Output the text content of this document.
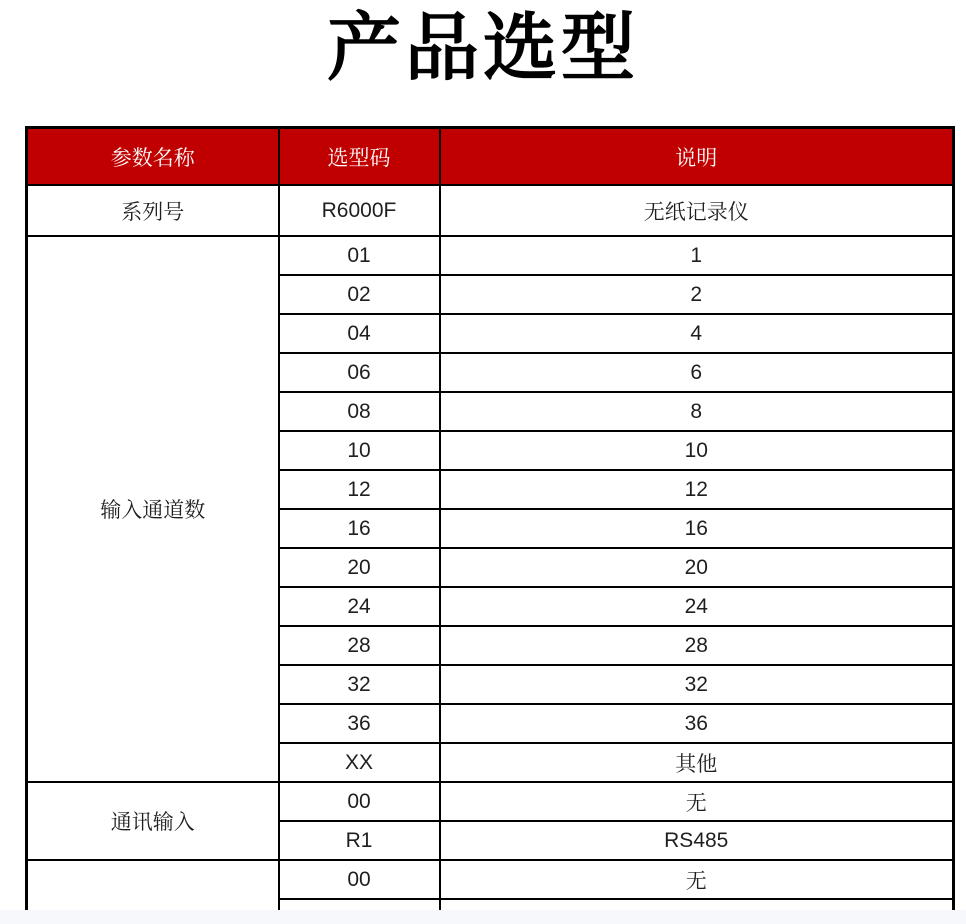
产品选型
参数名称	选型码	说明
系列号	R6000F	无纸记录仪
输入通道数	01	1
	02	2
	04	4
	06	6
	08	8
	10	10
	12	12
	16	16
	20	20
	24	24
	28	28
	32	32
	36	36
	XX	其他
通讯输入	00	无
	R1	RS485
	00	无
